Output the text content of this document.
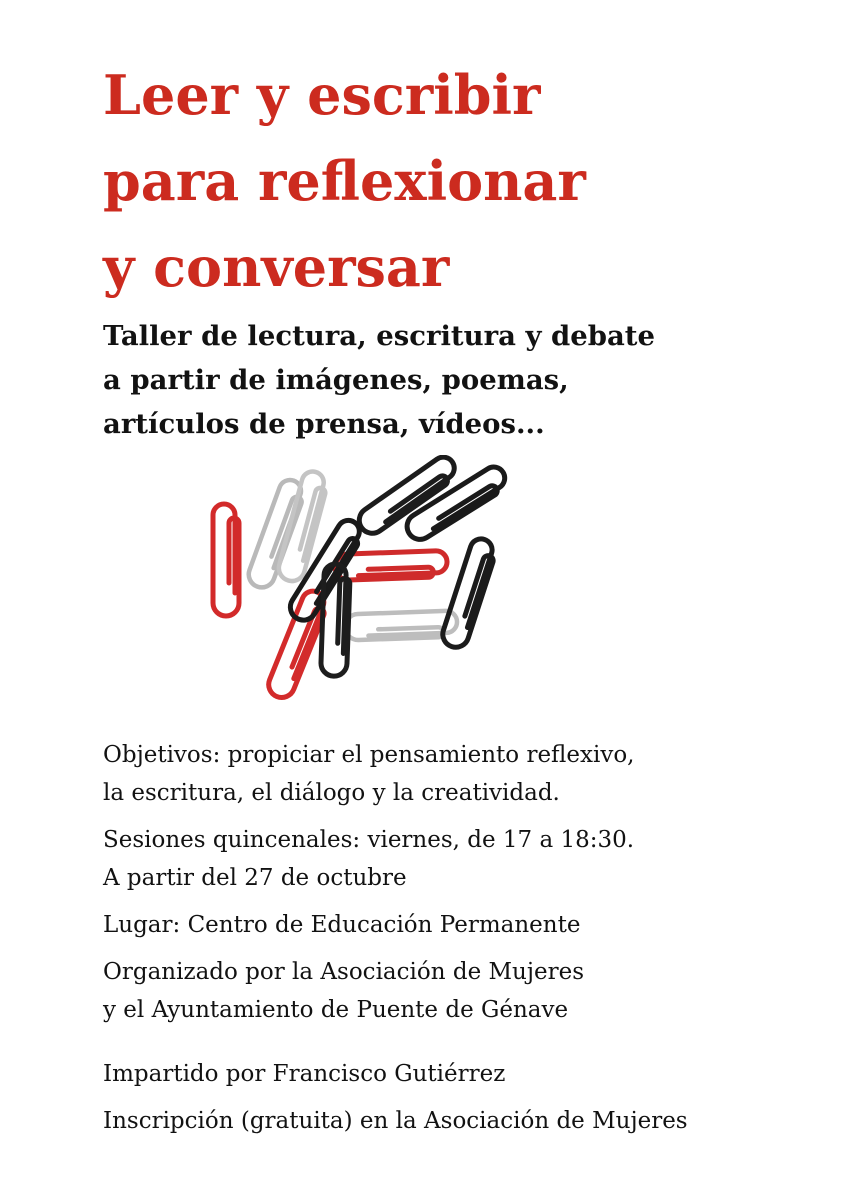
Leer y escribir
para reflexionar
y conversar
Taller de lectura, escritura y debate
a partir de imágenes, poemas,
artículos de prensa, vídeos...

Objetivos: propiciar el pensamiento reflexivo,
la escritura, el diálogo y la creatividad.

Sesiones quincenales: viernes, de 17 a 18:30.
A partir del 27 de octubre

Lugar: Centro de Educación Permanente

Organizado por la Asociación de Mujeres
y el Ayuntamiento de Puente de Génave

Impartido por Francisco Gutiérrez

Inscripción (gratuita) en la Asociación de Mujeres
